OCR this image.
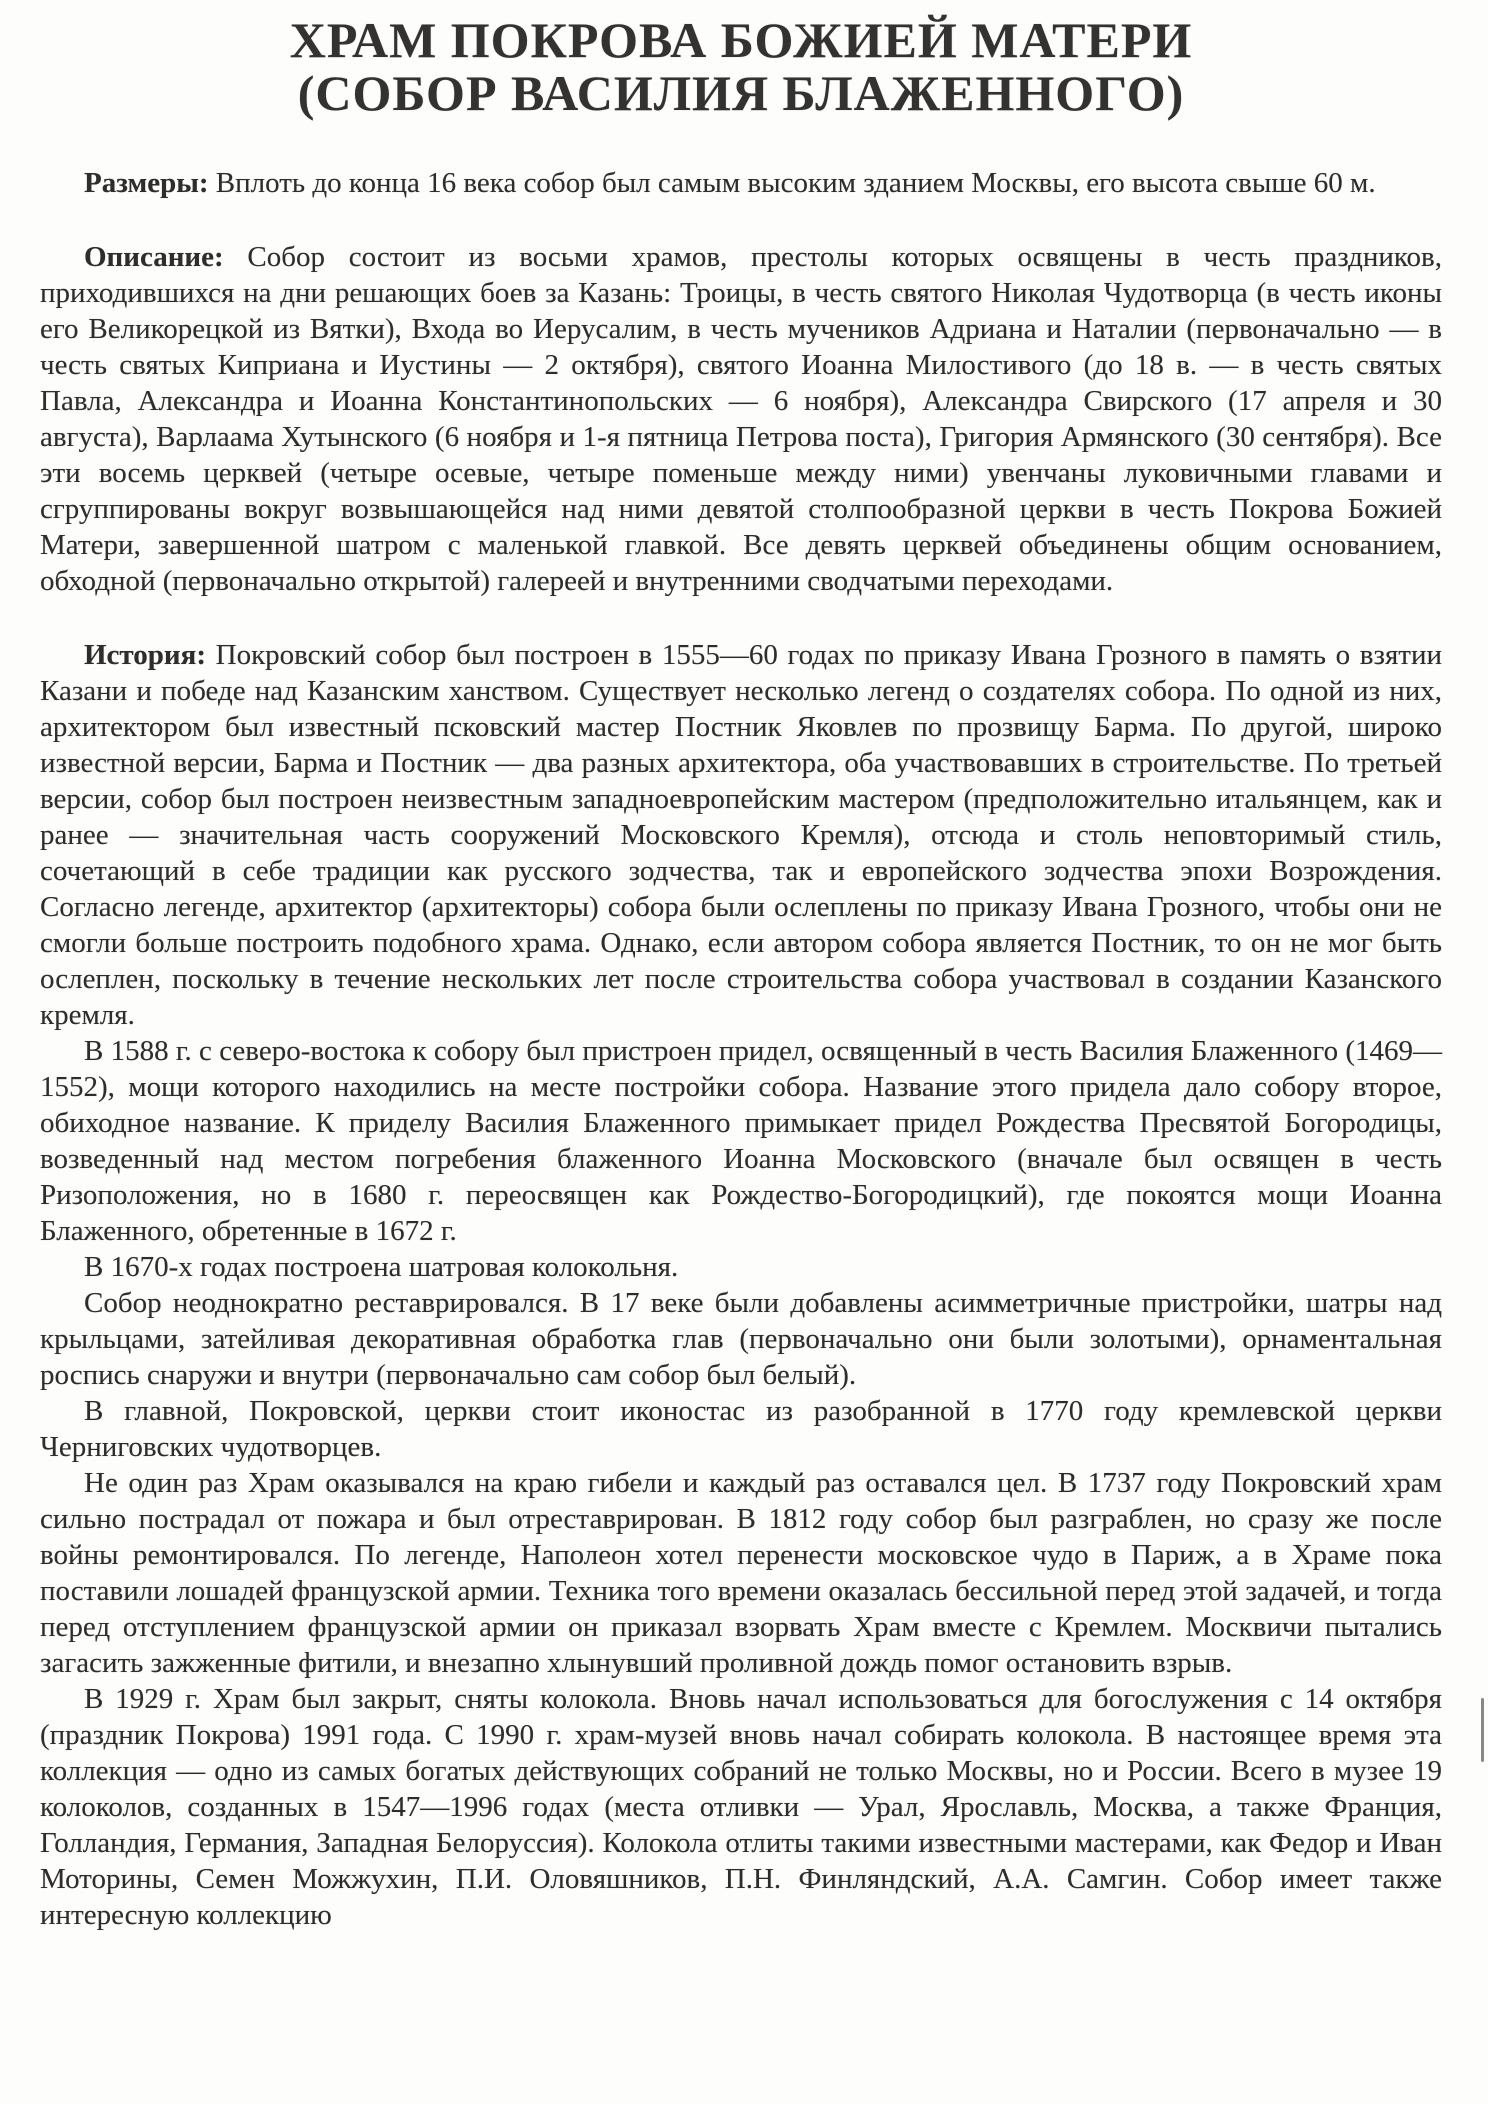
ХРАМ ПОКРОВА БОЖИЕЙ МАТЕРИ
(СОБОР ВАСИЛИЯ БЛАЖЕННОГО)

Размеры: Вплоть до конца 16 века собор был самым высоким зданием Москвы, его высота свыше 60 м.

Описание: Собор состоит из восьми храмов, престолы которых освящены в честь праздников, приходившихся на дни решающих боев за Казань: Троицы, в честь святого Николая Чудотворца (в честь иконы его Великорецкой из Вятки), Входа во Иерусалим, в честь мучеников Адриана и Наталии (первоначально — в честь святых Киприана и Иустины — 2 октября), святого Иоанна Милостивого (до 18 в. — в честь святых Павла, Александра и Иоанна Константинопольских — 6 ноября), Александра Свирского (17 апреля и 30 августа), Варлаама Хутынского (6 ноября и 1-я пятница Петрова поста), Григория Армянского (30 сентября). Все эти восемь церквей (четыре осевые, четыре поменьше между ними) увенчаны луковичными главами и сгруппированы вокруг возвышающейся над ними девятой столпообразной церкви в честь Покрова Божией Матери, завершенной шатром с маленькой главкой. Все девять церквей объединены общим основанием, обходной (первоначально открытой) галереей и внутренними сводчатыми переходами.

История: Покровский собор был построен в 1555—60 годах по приказу Ивана Грозного в память о взятии Казани и победе над Казанским ханством. Существует несколько легенд о создателях собора. По одной из них, архитектором был известный псковский мастер Постник Яковлев по прозвищу Барма. По другой, широко известной версии, Барма и Постник — два разных архитектора, оба участвовавших в строительстве. По третьей версии, собор был построен неизвестным западноевропейским мастером (предположительно итальянцем, как и ранее — значительная часть сооружений Московского Кремля), отсюда и столь неповторимый стиль, сочетающий в себе традиции как русского зодчества, так и европейского зодчества эпохи Возрождения. Согласно легенде, архитектор (архитекторы) собора были ослеплены по приказу Ивана Грозного, чтобы они не смогли больше построить подобного храма. Однако, если автором собора является Постник, то он не мог быть ослеплен, поскольку в течение нескольких лет после строительства собора участвовал в создании Казанского кремля.

В 1588 г. с северо-востока к собору был пристроен придел, освященный в честь Василия Блаженного (1469—1552), мощи которого находились на месте постройки собора. Название этого придела дало собору второе, обиходное название. К приделу Василия Блаженного примыкает придел Рождества Пресвятой Богородицы, возведенный над местом погребения блаженного Иоанна Московского (вначале был освящен в честь Ризоположения, но в 1680 г. переосвящен как Рождество-Богородицкий), где покоятся мощи Иоанна Блаженного, обретенные в 1672 г.

В 1670-х годах построена шатровая колокольня.

Собор неоднократно реставрировался. В 17 веке были добавлены асимметричные пристройки, шатры над крыльцами, затейливая декоративная обработка глав (первоначально они были золотыми), орнаментальная роспись снаружи и внутри (первоначально сам собор был белый).

В главной, Покровской, церкви стоит иконостас из разобранной в 1770 году кремлевской церкви Черниговских чудотворцев.

Не один раз Храм оказывался на краю гибели и каждый раз оставался цел. В 1737 году Покровский храм сильно пострадал от пожара и был отреставрирован. В 1812 году собор был разграблен, но сразу же после войны ремонтировался. По легенде, Наполеон хотел перенести московское чудо в Париж, а в Храме пока поставили лошадей французской армии. Техника того времени оказалась бессильной перед этой задачей, и тогда перед отступлением французской армии он приказал взорвать Храм вместе с Кремлем. Москвичи пытались загасить зажженные фитили, и внезапно хлынувший проливной дождь помог остановить взрыв.

В 1929 г. Храм был закрыт, сняты колокола. Вновь начал использоваться для богослужения с 14 октября (праздник Покрова) 1991 года. С 1990 г. храм-музей вновь начал собирать колокола. В настоящее время эта коллекция — одно из самых богатых действующих собраний не только Москвы, но и России. Всего в музее 19 колоколов, созданных в 1547—1996 годах (места отливки — Урал, Ярославль, Москва, а также Франция, Голландия, Германия, Западная Белоруссия). Колокола отлиты такими известными мастерами, как Федор и Иван Моторины, Семен Можжухин, П.И. Оловяшников, П.Н. Финляндский, А.А. Самгин. Собор имеет также интересную коллекцию
